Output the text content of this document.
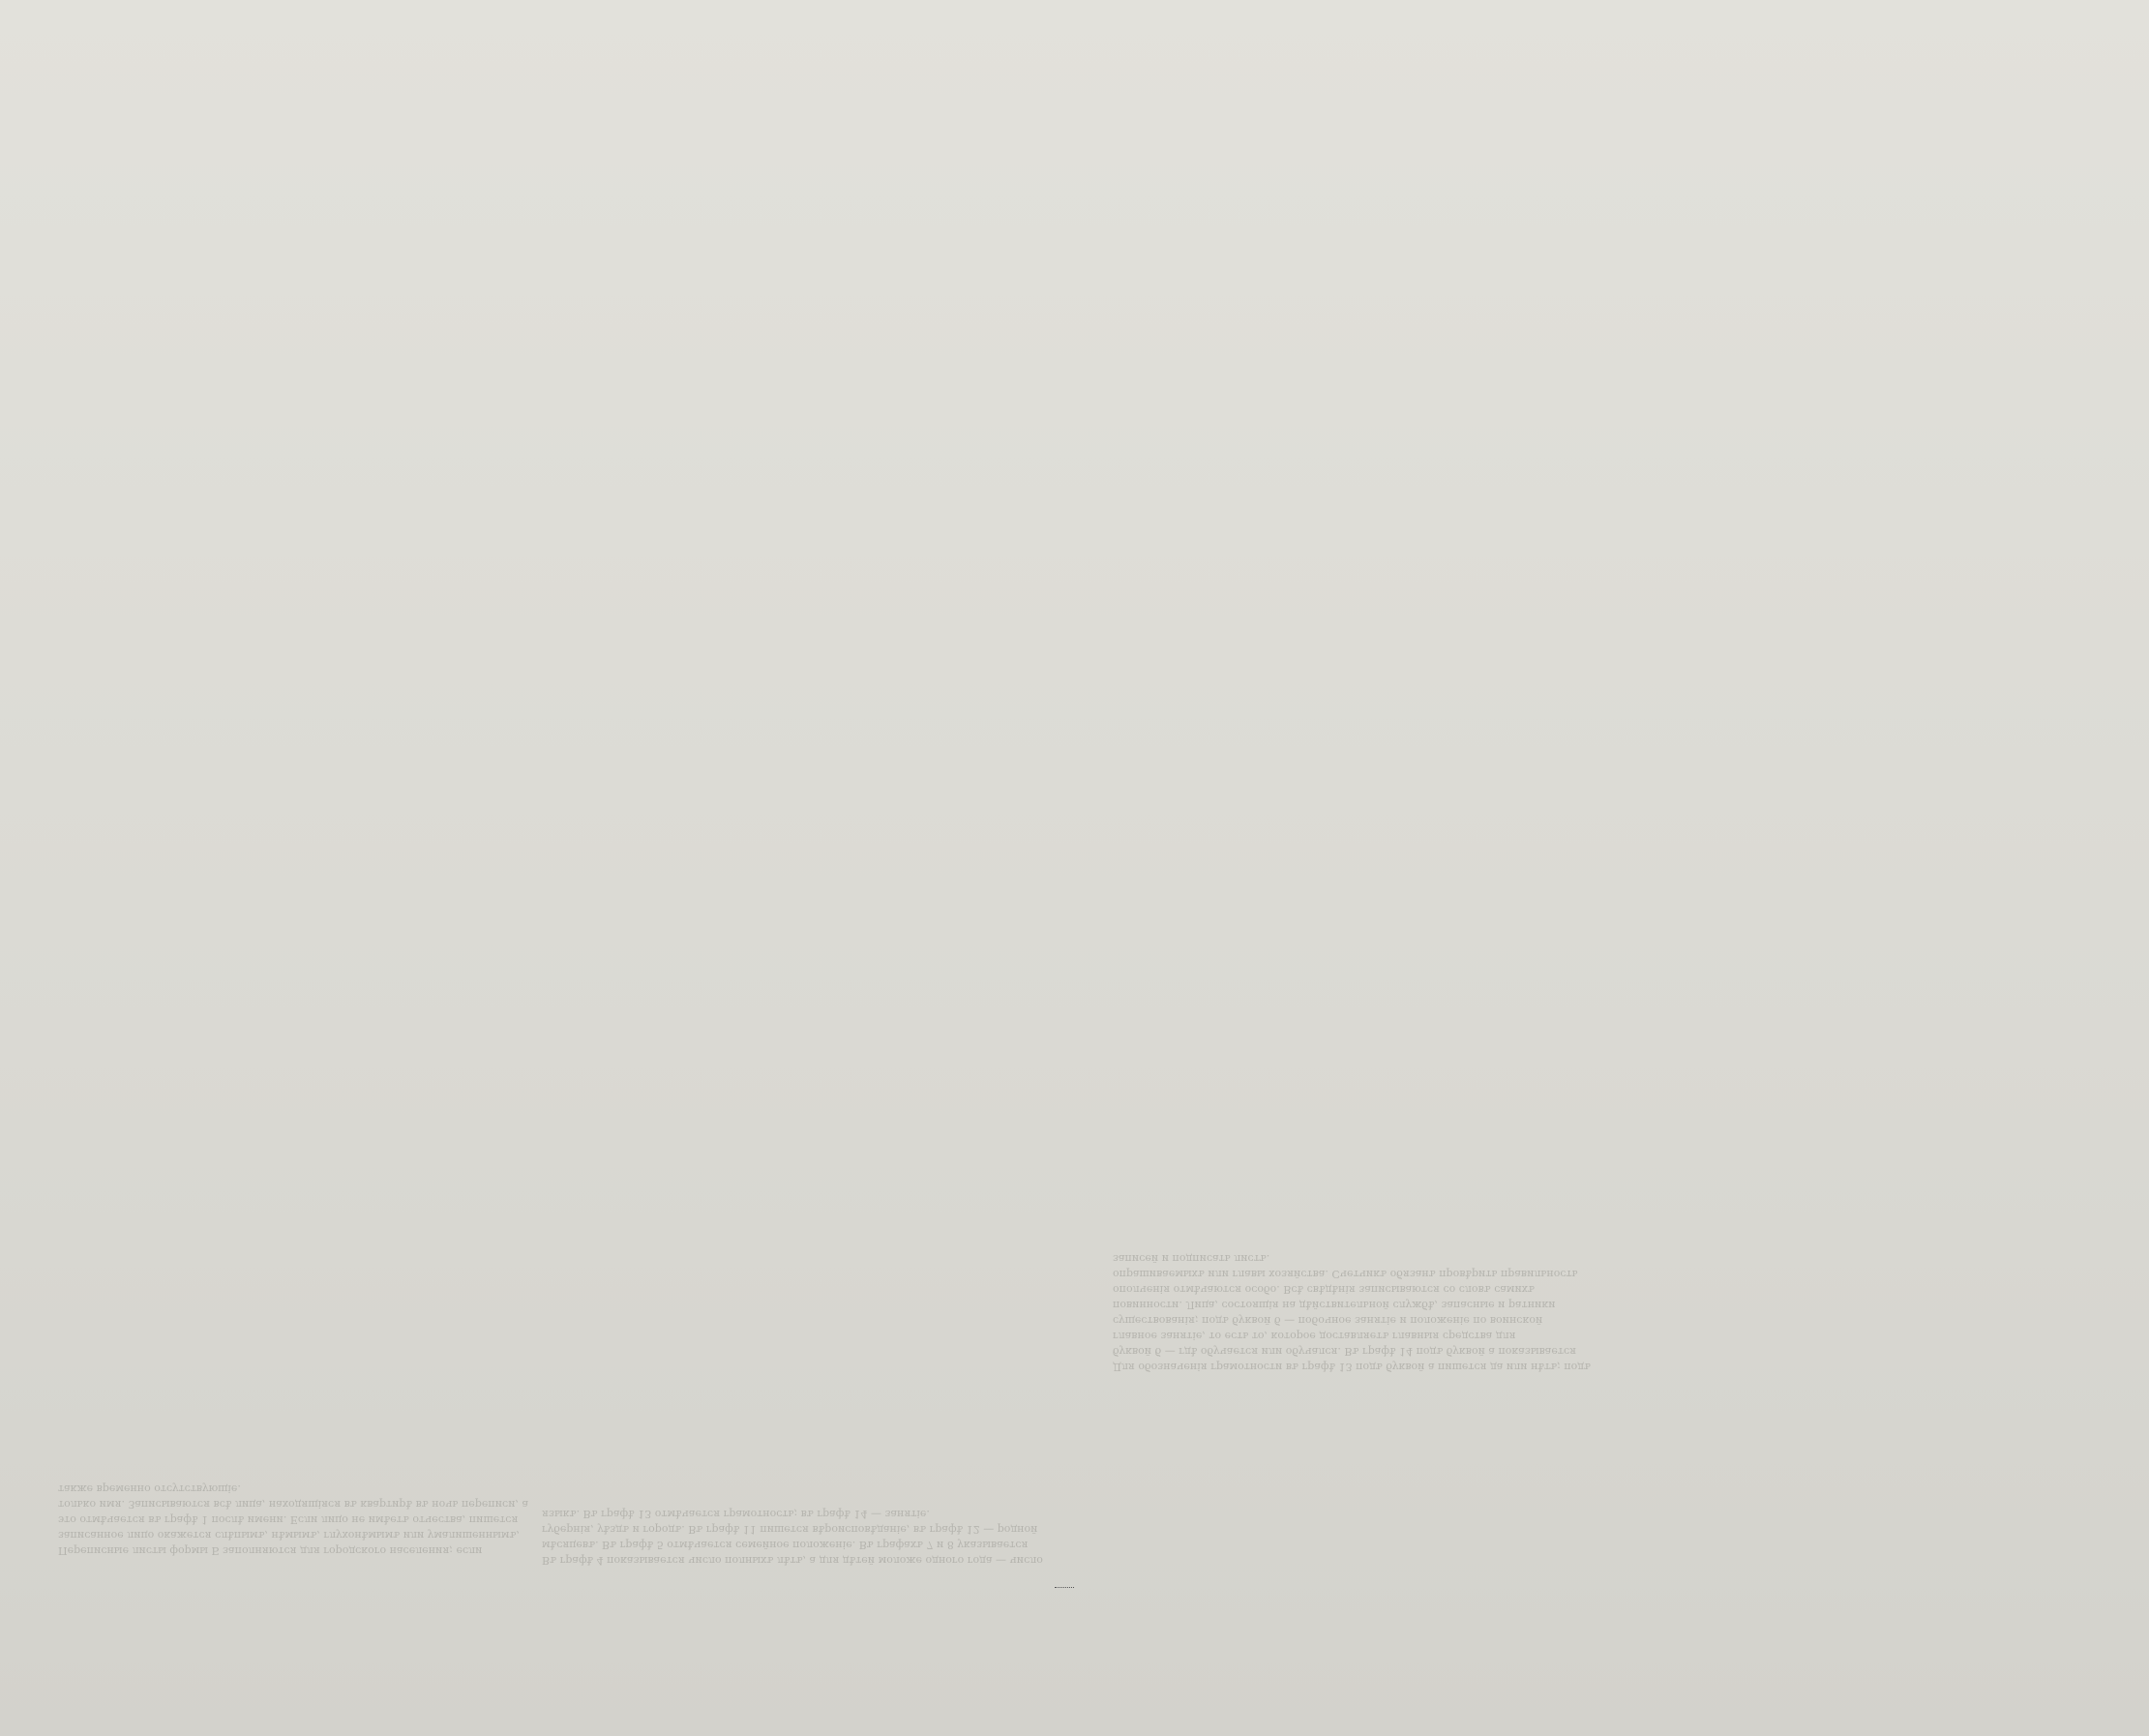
Переписные листы формы Б заполняются для городского населения; если записанное лицо окажется слѣпымъ, нѣмымъ, глухонѣмымъ или умалишеннымъ, это отмѣчается въ графѣ 1 послѣ имени. Если лицо не имѣетъ отчества, пишется только имя. Записываются всѣ лица, находящіяся въ квартирѣ въ ночь переписи, а также временно отсутствующіе.
Въ графѣ 4 показывается число полныхъ лѣтъ, а для дѣтей моложе одного года — число мѣсяцевъ. Въ графѣ 5 отмѣчается семейное положеніе. Въ графахъ 7 и 8 указывается губернія, уѣздъ и городъ. Въ графѣ 11 пишется вѣроисповѣданіе, въ графѣ 12 — родной языкъ. Въ графѣ 13 отмѣчается грамотность; въ графѣ 14 — занятіе.
Для обозначенія грамотности въ графѣ 13 подъ буквой а пишется да или нѣтъ; подъ буквой б — гдѣ обучается или обучался. Въ графѣ 14 подъ буквой а показывается главное занятіе, то есть то, которое доставляетъ главныя средства для существованія; подъ буквой б — побочное занятіе и положеніе по воинской повинности. Лица, состоящія на дѣйствительной службѣ, запасные и ратники ополченія отмѣчаются особо. Всѣ свѣдѣнія записываются со словъ самихъ опрашиваемыхъ или главы хозяйства. Счетчикъ обязанъ провѣрить правильность записей и подписать листъ.
